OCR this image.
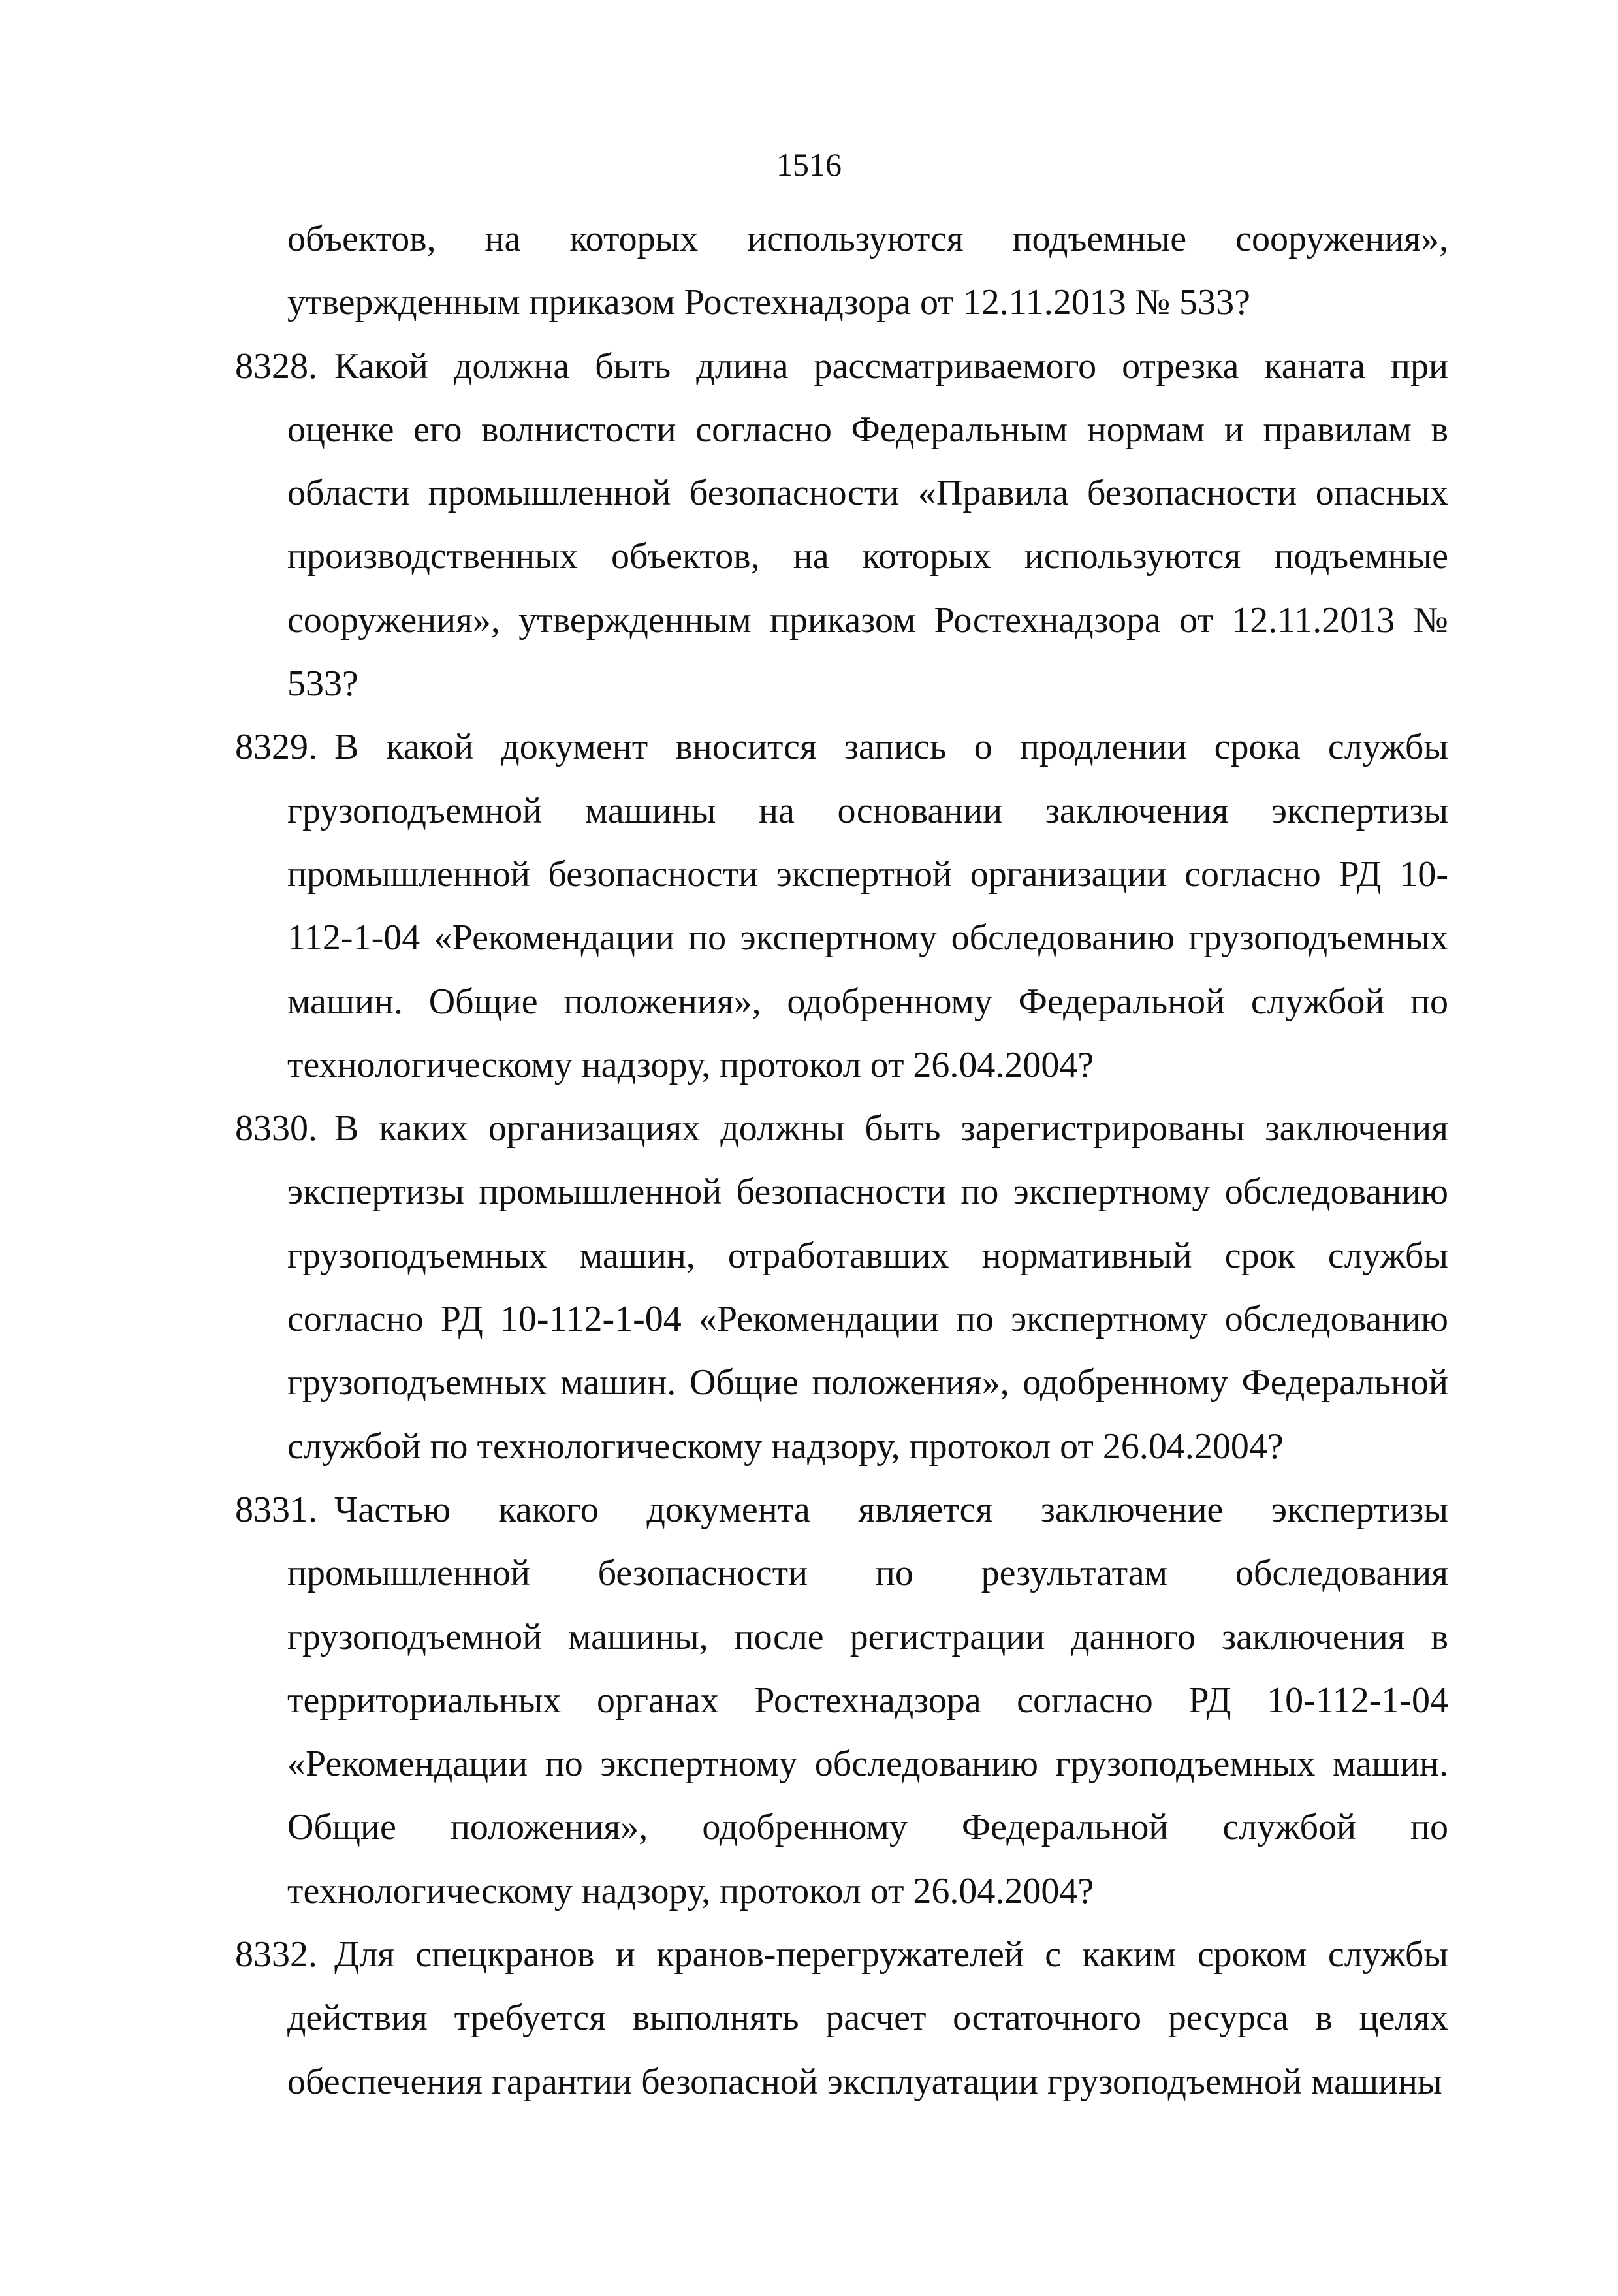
1516
объектов, на которых используются подъемные сооружения», утвержденным приказом Ростехнадзора от 12.11.2013 № 533?
8328. Какой должна быть длина рассматриваемого отрезка каната при оценке его волнистости согласно Федеральным нормам и правилам в области промышленной безопасности «Правила безопасности опасных производственных объектов, на которых используются подъемные сооружения», утвержденным приказом Ростехнадзора от 12.11.2013 № 533?
8329. В какой документ вносится запись о продлении срока службы грузоподъемной машины на основании заключения экспертизы промышленной безопасности экспертной организации согласно РД 10-112-1-04 «Рекомендации по экспертному обследованию грузоподъемных машин. Общие положения», одобренному Федеральной службой по технологическому надзору, протокол от 26.04.2004?
8330. В каких организациях должны быть зарегистрированы заключения экспертизы промышленной безопасности по экспертному обследованию грузоподъемных машин, отработавших нормативный срок службы согласно РД 10-112-1-04 «Рекомендации по экспертному обследованию грузоподъемных машин. Общие положения», одобренному Федеральной службой по технологическому надзору, протокол от 26.04.2004?
8331. Частью какого документа является заключение экспертизы промышленной безопасности по результатам обследования грузоподъемной машины, после регистрации данного заключения в территориальных органах Ростехнадзора согласно РД 10-112-1-04 «Рекомендации по экспертному обследованию грузоподъемных машин. Общие положения», одобренному Федеральной службой по технологическому надзору, протокол от 26.04.2004?
8332. Для спецкранов и кранов-перегружателей с каким сроком службы действия требуется выполнять расчет остаточного ресурса в целях обеспечения гарантии безопасной эксплуатации грузоподъемной машины
